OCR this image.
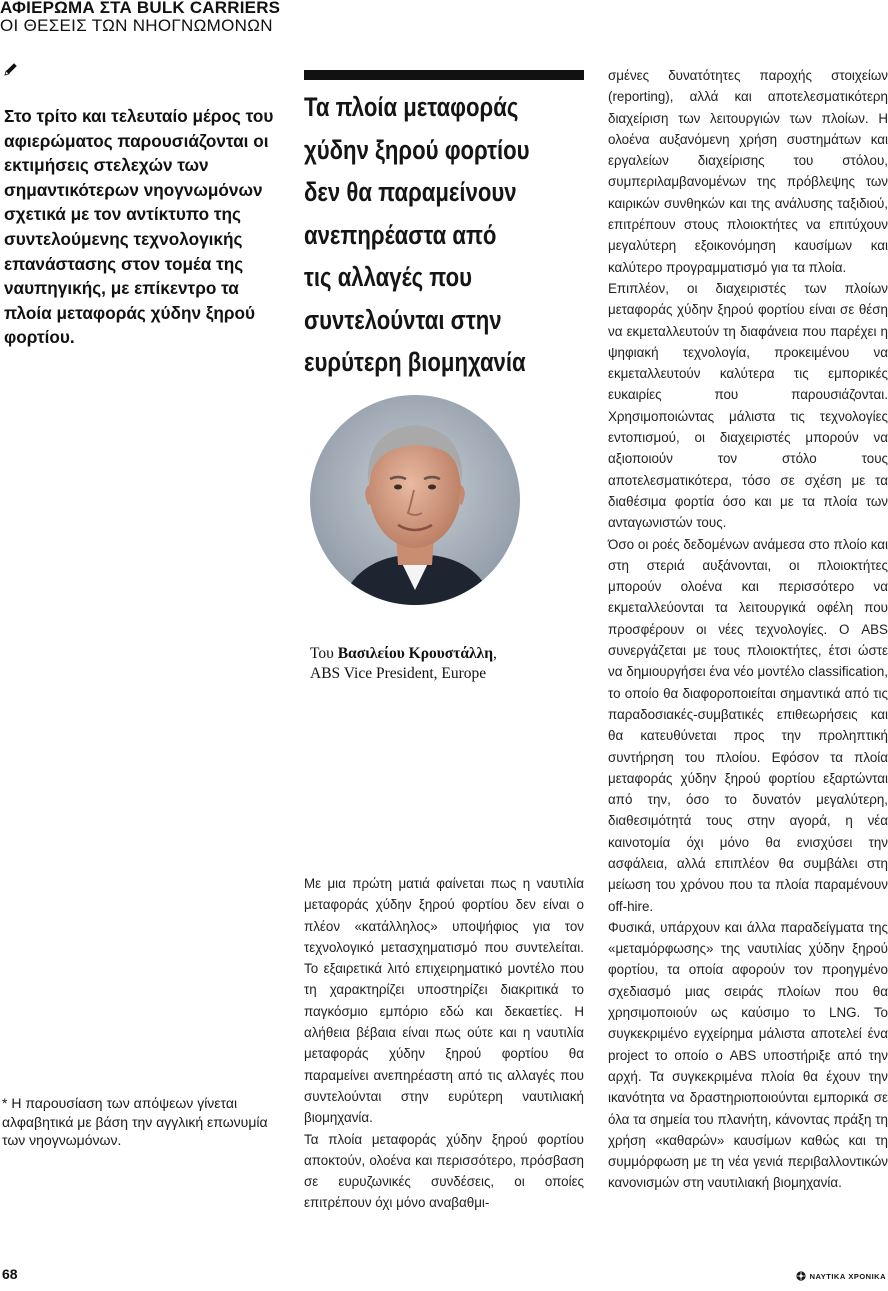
ΑΦΙΕΡΩΜΑ ΣΤΑ BULK CARRIERS
ΟΙ ΘΕΣΕΙΣ ΤΩΝ ΝΗΟΓΝΩΜΟΝΩΝ
Στο τρίτο και τελευταίο μέρος του αφιερώματος παρουσιάζονται οι εκτιμήσεις στελεχών των σημαντικότερων νηογνωμόνων σχετικά με τον αντίκτυπο της συντελούμενης τεχνολογικής επανάστασης στον τομέα της ναυπηγικής, με επίκεντρο τα πλοία μεταφοράς χύδην ξηρού φορτίου.
* Η παρουσίαση των απόψεων γίνεται αλφαβητικά με βάση την αγγλική επωνυμία των νηογνωμόνων.
Τα πλοία μεταφοράς
χύδην ξηρού φορτίου
δεν θα παραμείνουν
ανεπηρέαστα από
τις αλλαγές που
συντελούνται στην
ευρύτερη βιομηχανία
Του Βασιλείου Κρουστάλλη,
ABS Vice President, Europe

Με μια πρώτη ματιά φαίνεται πως η ναυτιλία μεταφοράς χύδην ξηρού φορτίου δεν είναι ο πλέον «κατάλληλος» υποψήφιος για τον τεχνολογικό μετασχηματισμό που συντελείται. Το εξαιρετικά λιτό επιχειρηματικό μοντέλο που τη χαρακτηρίζει υποστηρίζει διακριτικά το παγκόσμιο εμπόριο εδώ και δεκαετίες. Η αλήθεια βέβαια είναι πως ούτε και η ναυτιλία μεταφοράς χύδην ξηρού φορτίου θα παραμείνει ανεπηρέαστη από τις αλλαγές που συντελούνται στην ευρύτερη ναυτιλιακή βιομηχανία.

Τα πλοία μεταφοράς χύδην ξηρού φορτίου αποκτούν, ολοένα και περισσότερο, πρόσβαση σε ευρυζωνικές συνδέσεις, οι οποίες επιτρέπουν όχι μόνο αναβαθμι-

σμένες δυνατότητες παροχής στοιχείων (reporting), αλλά και αποτελεσματικότερη διαχείριση των λειτουργιών των πλοίων. Η ολοένα αυξανόμενη χρήση συστημάτων και εργαλείων διαχείρισης του στόλου, συμπεριλαμβανομένων της πρόβλεψης των καιρικών συνθηκών και της ανάλυσης ταξιδιού, επιτρέπουν στους πλοιοκτήτες να επιτύχουν μεγαλύτερη εξοικονόμηση καυσίμων και καλύτερο προγραμματισμό για τα πλοία.

Επιπλέον, οι διαχειριστές των πλοίων μεταφοράς χύδην ξηρού φορτίου είναι σε θέση να εκμεταλλευτούν τη διαφάνεια που παρέχει η ψηφιακή τεχνολογία, προκειμένου να εκμεταλλευτούν καλύτερα τις εμπορικές ευκαιρίες που παρουσιάζονται. Χρησιμοποιώντας μάλιστα τις τεχνολογίες εντοπισμού, οι διαχειριστές μπορούν να αξιοποιούν τον στόλο τους αποτελεσματικότερα, τόσο σε σχέση με τα διαθέσιμα φορτία όσο και με τα πλοία των ανταγωνιστών τους.

Όσο οι ροές δεδομένων ανάμεσα στο πλοίο και στη στεριά αυξάνονται, οι πλοιοκτήτες μπορούν ολοένα και περισσότερο να εκμεταλλεύονται τα λειτουργικά οφέλη που προσφέρουν οι νέες τεχνολογίες. Ο ABS συνεργάζεται με τους πλοιοκτήτες, έτσι ώστε να δημιουργήσει ένα νέο μοντέλο classification, το οποίο θα διαφοροποιείται σημαντικά από τις παραδοσιακές-συμβατικές επιθεωρήσεις και θα κατευθύνεται προς την προληπτική συντήρηση του πλοίου. Εφόσον τα πλοία μεταφοράς χύδην ξηρού φορτίου εξαρτώνται από την, όσο το δυνατόν μεγαλύτερη, διαθεσιμότητά τους στην αγορά, η νέα καινοτομία όχι μόνο θα ενισχύσει την ασφάλεια, αλλά επιπλέον θα συμβάλει στη μείωση του χρόνου που τα πλοία παραμένουν off-hire.

Φυσικά, υπάρχουν και άλλα παραδείγματα της «μεταμόρφωσης» της ναυτιλίας χύδην ξηρού φορτίου, τα οποία αφορούν τον προηγμένο σχεδιασμό μιας σειράς πλοίων που θα χρησιμοποιούν ως καύσιμο το LNG. Το συγκεκριμένο εγχείρημα μάλιστα αποτελεί ένα project το οποίο ο ABS υποστήριξε από την αρχή. Τα συγκεκριμένα πλοία θα έχουν την ικανότητα να δραστηριοποιούνται εμπορικά σε όλα τα σημεία του πλανήτη, κάνοντας πράξη τη χρήση «καθαρών» καυσίμων καθώς και τη συμμόρφωση με τη νέα γενιά περιβαλλοντικών κανονισμών στη ναυτιλιακή βιομηχανία.

68	ΝΑΥΤΙΚΑ ΧΡΟΝΙΚΑ
